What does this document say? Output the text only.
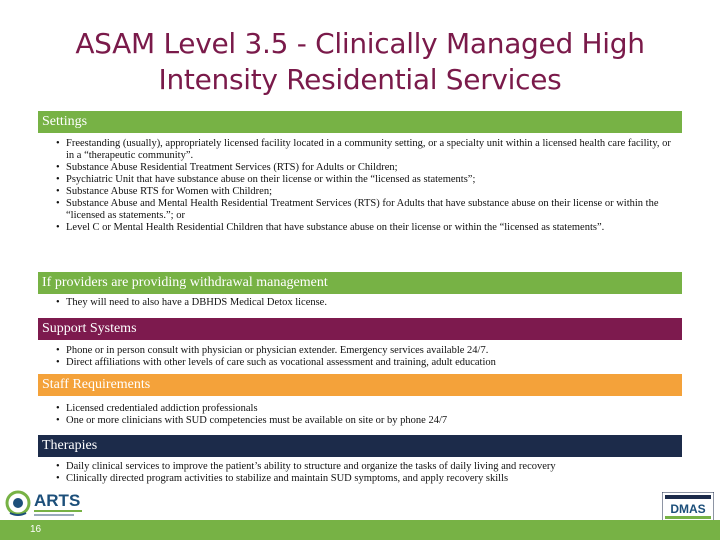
ASAM Level 3.5 - Clinically Managed High
Intensity Residential Services
Settings
• Freestanding (usually), appropriately licensed facility located in a community setting, or a specialty unit within a licensed health care facility, or in a “therapeutic community”.
• Substance Abuse Residential Treatment Services (RTS) for Adults or Children;
• Psychiatric Unit that have substance abuse on their license or within the “licensed as statements”;
• Substance Abuse RTS for Women with Children;
• Substance Abuse and Mental Health Residential Treatment Services (RTS) for Adults that have substance abuse on their license or within the “licensed as statements.”; or
• Level C or Mental Health Residential Children that have substance abuse on their license or within the “licensed as statements”.
If providers are providing withdrawal management
• They will need to also have a DBHDS Medical Detox license.
Support Systems
• Phone or in person consult with physician or physician extender. Emergency services available 24/7.
• Direct affiliations with other levels of care such as vocational assessment and training, adult education
Staff Requirements
• Licensed credentialed addiction professionals
• One or more clinicians with SUD competencies must be available on site or by phone 24/7
Therapies
• Daily clinical services to improve the patient’s ability to structure and organize the tasks of daily living and recovery
• Clinically directed program activities to stabilize and maintain SUD symptoms, and apply recovery skills
ARTS	DMAS
16
